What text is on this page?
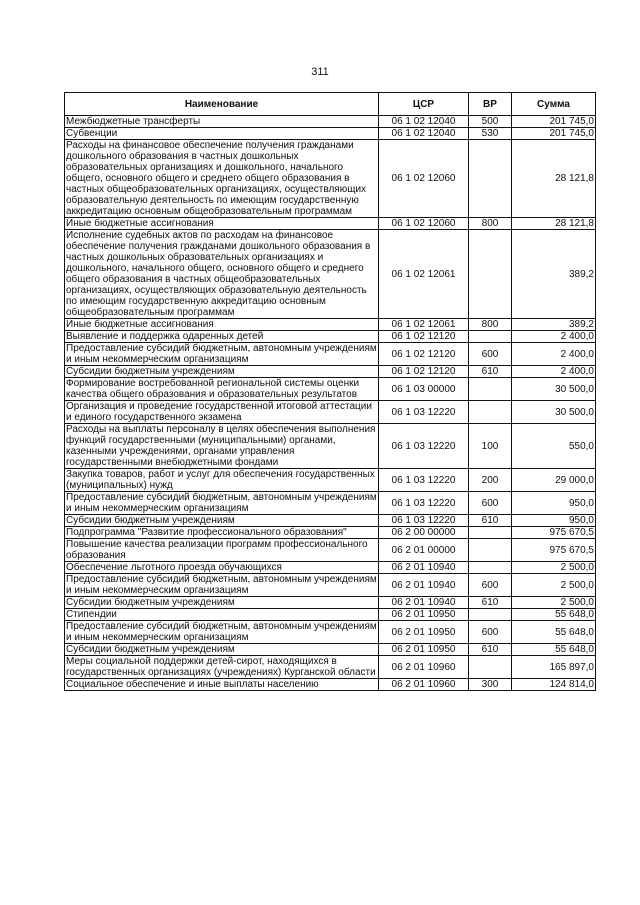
311
Наименование	ЦСР	ВР	Сумма
Межбюджетные трансферты	06 1 02 12040	500	201 745,0
Субвенции	06 1 02 12040	530	201 745,0
Расходы на финансовое обеспечение получения гражданами дошкольного образования в частных дошкольных образовательных организациях и дошкольного, начального общего, основного общего и среднего общего образования в частных общеобразовательных организациях, осуществляющих образовательную деятельность по имеющим государственную аккредитацию основным общеобразовательным программам	06 1 02 12060		28 121,8
Иные бюджетные ассигнования	06 1 02 12060	800	28 121,8
Исполнение судебных актов по расходам на финансовое обеспечение получения гражданами дошкольного образования в частных дошкольных образовательных организациях и дошкольного, начального общего, основного общего и среднего общего образования в частных общеобразовательных организациях, осуществляющих образовательную деятельность по имеющим государственную аккредитацию основным общеобразовательным программам	06 1 02 12061		389,2
Иные бюджетные ассигнования	06 1 02 12061	800	389,2
Выявление и поддержка одаренных детей	06 1 02 12120		2 400,0
Предоставление субсидий бюджетным, автономным учреждениям и иным некоммерческим организациям	06 1 02 12120	600	2 400,0
Субсидии бюджетным учреждениям	06 1 02 12120	610	2 400,0
Формирование востребованной региональной системы оценки качества общего образования и образовательных результатов	06 1 03 00000		30 500,0
Организация и проведение государственной итоговой аттестации и единого государственного экзамена	06 1 03 12220		30 500,0
Расходы на выплаты персоналу в целях обеспечения выполнения функций государственными (муниципальными) органами, казенными учреждениями, органами управления государственными внебюджетными фондами	06 1 03 12220	100	550,0
Закупка товаров, работ и услуг для обеспечения государственных (муниципальных) нужд	06 1 03 12220	200	29 000,0
Предоставление субсидий бюджетным, автономным учреждениям и иным некоммерческим организациям	06 1 03 12220	600	950,0
Субсидии бюджетным учреждениям	06 1 03 12220	610	950,0
Подпрограмма "Развитие профессионального образования"	06 2 00 00000		975 670,5
Повышение качества реализации программ профессионального образования	06 2 01 00000		975 670,5
Обеспечение льготного проезда обучающихся	06 2 01 10940		2 500,0
Предоставление субсидий бюджетным, автономным учреждениям и иным некоммерческим организациям	06 2 01 10940	600	2 500,0
Субсидии бюджетным учреждениям	06 2 01 10940	610	2 500,0
Стипендии	06 2 01 10950		55 648,0
Предоставление субсидий бюджетным, автономным учреждениям и иным некоммерческим организациям	06 2 01 10950	600	55 648,0
Субсидии бюджетным учреждениям	06 2 01 10950	610	55 648,0
Меры социальной поддержки детей-сирот, находящихся в государственных организациях (учреждениях) Курганской области	06 2 01 10960		165 897,0
Социальное обеспечение и иные выплаты населению	06 2 01 10960	300	124 814,0
